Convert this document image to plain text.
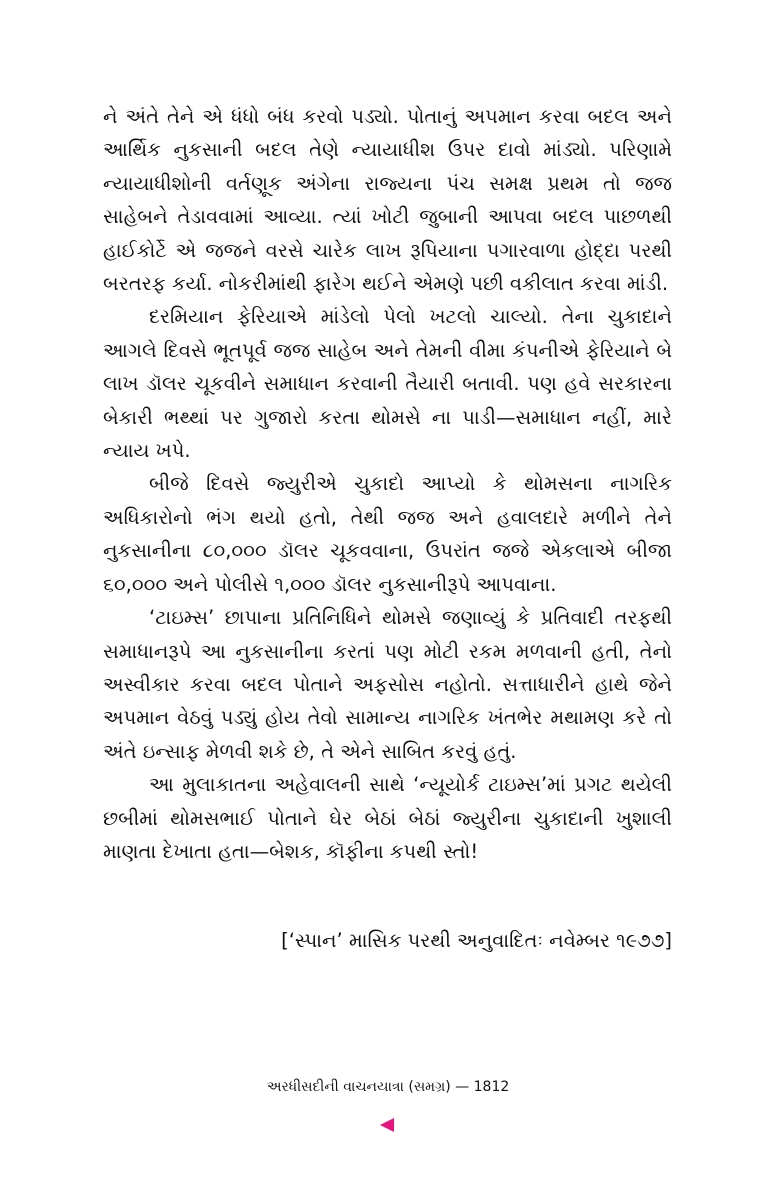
ને અંતે તેને એ ધંધો બંધ કરવો પડ્યો. પોતાનું અપમાન કરવા બદલ અને આર્થિક નુકસાની બદલ તેણે ન્યાયાધીશ ઉપર દાવો માંડ્યો. પરિણામે ન્યાયાધીશોની વર્તણૂક અંગેના રાજ્યના પંચ સમક્ષ પ્રથમ તો જજ સાહેબને તેડાવવામાં આવ્યા. ત્યાં ખોટી જુબાની આપવા બદલ પાછળથી હાઈકોર્ટે એ જજને વરસે ચારેક લાખ રૂપિયાના પગારવાળા હોદ્દા પરથી બરતરફ કર્યા. નોકરીમાંથી ફારેગ થઈને એમણે પછી વકીલાત કરવા માંડી.

દરમિયાન ફેરિયાએ માંડેલો પેલો ખટલો ચાલ્યો. તેના ચુકાદાને આગલે દિવસે ભૂતપૂર્વ જજ સાહેબ અને તેમની વીમા કંપનીએ ફેરિયાને બે લાખ ડૉલર ચૂકવીને સમાધાન કરવાની તૈયારી બતાવી. પણ હવે સરકારના બેકારી ભથ્થાં પર ગુજારો કરતા થોમસે ના પાડી—સમાધાન નહીં, મારે ન્યાય ખપે.

બીજે દિવસે જ્યુરીએ ચુકાદો આપ્યો કે થોમસના નાગરિક અધિકારોનો ભંગ થયો હતો, તેથી જજ અને હવાલદારે મળીને તેને નુકસાનીના ૮૦,૦૦૦ ડૉલર ચૂકવવાના, ઉપરાંત જજે એકલાએ બીજા ૬૦,૦૦૦ અને પોલીસે ૧,૦૦૦ ડૉલર નુકસાનીરૂપે આપવાના.

‘ટાઇમ્સ’ છાપાના પ્રતિનિધિને થોમસે જણાવ્યું કે પ્રતિવાદી તરફથી સમાધાનરૂપે આ નુકસાનીના કરતાં પણ મોટી રકમ મળવાની હતી, તેનો અસ્વીકાર કરવા બદલ પોતાને અફસોસ નહોતો. સત્તાધારીને હાથે જેને અપમાન વેઠવું પડ્યું હોય તેવો સામાન્ય નાગરિક ખંતભેર મથામણ કરે તો અંતે ઇન્સાફ મેળવી શકે છે, તે એને સાબિત કરવું હતું.

આ મુલાકાતના અહેવાલની સાથે ‘ન્યૂયોર્ક ટાઇમ્સ’માં પ્રગટ થયેલી છબીમાં થોમસભાઈ પોતાને ઘેર બેઠાં બેઠાં જ્યુરીના ચુકાદાની ખુશાલી માણતા દેખાતા હતા—બેશક, કૉફીના કપથી સ્તો!

[‘સ્પાન’ માસિક પરથી અનુવાદિતઃ નવેમ્બર ૧૯૭૭]
અરધીસદીની વાચનયાત્રા (સમગ્ર) — 1812
